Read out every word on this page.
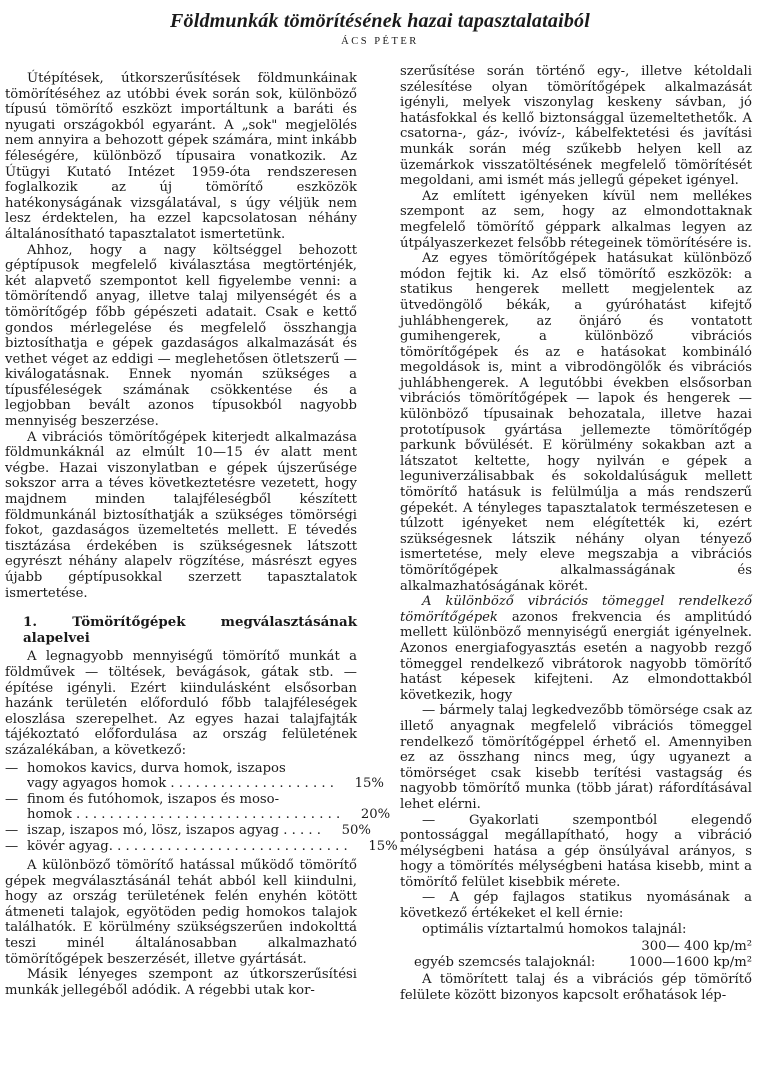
Földmunkák tömörítésének hazai tapasztalataiból
ÁCS PÉTER

Útépítések, útkorszerűsítések földmunkáinak tömörítéséhez az utóbbi évek során sok, különböző típusú tömörítő eszközt importáltunk a baráti és nyugati országokból egyaránt. A „sok" megjelölés nem annyira a behozott gépek számára, mint inkább féleségére, különböző típusaira vonatkozik. Az Útügyi Kutató Intézet 1959-óta rendszeresen foglalkozik az új tömörítő eszközök hatékonyságának vizsgálatával, s úgy véljük nem lesz érdektelen, ha ezzel kapcsolatosan néhány általánosítható tapasztalatot ismertetünk.

Ahhoz, hogy a nagy költséggel behozott géptípusok megfelelő kiválasztása megtörténjék, két alapvető szempontot kell figyelembe venni: a tömörítendő anyag, illetve talaj milyenségét és a tömörítőgép főbb gépészeti adatait. Csak e kettő gondos mérlegelése és megfelelő összhangja biztosíthatja e gépek gazdaságos alkalmazását és vethet véget az eddigi — meglehetősen ötletszerű — kiválogatásnak. Ennek nyomán szükséges a típusféleségek számának csökkentése és a legjobban bevált azonos típusokból nagyobb mennyiség beszerzése.

A vibrációs tömörítőgépek kiterjedt alkalmazása földmunkáknál az elmúlt 10—15 év alatt ment végbe. Hazai viszonylatban e gépek újszerűsége sokszor arra a téves következtetésre vezetett, hogy majdnem minden talajféleségből készített földmunkánál biztosíthatják a szükséges tömörségi fokot, gazdaságos üzemeltetés mellett. E tévedés tisztázása érdekében is szükségesnek látszott egyrészt néhány alapelv rögzítése, másrészt egyes újabb géptípusokkal szerzett tapasztalatok ismertetése.

1. Tömörítőgépek megválasztásának alapelvei

A legnagyobb mennyiségű tömörítő munkát a földművek — töltések, bevágások, gátak stb. — építése igényli. Ezért kiindulásként elsősorban hazánk területén előforduló főbb talajféleségek eloszlása szerepelhet. Az egyes hazai talajfajták tájékoztató előfordulása az ország felületének százalékában, a következő:

— homokos kavics, durva homok, iszapos
vagy agyagos homok . . . . . . . . . . . . . . . . . . . .	15%
— finom és futóhomok, iszapos és moso-
homok . . . . . . . . . . . . . . . . . . . . . . . . . . . . . . . .	20%
— iszap, iszapos mó, lösz, iszapos agyag . . . . .	50%
— kövér agyag. . . . . . . . . . . . . . . . . . . . . . . . . . . . .	15%

A különböző tömörítő hatással működő tömörítő gépek megválasztásánál tehát abból kell kiindulni, hogy az ország területének felén enyhén kötött átmeneti talajok, egyötöden pedig homokos talajok találhatók. E körülmény szükségszerűen indokolttá teszi minél általánosabban alkalmazható tömörítőgépek beszerzését, illetve gyártását.

Másik lényeges szempont az útkorszerűsítési munkák jellegéből adódik. A régebbi utak kor-

szerűsítése során történő egy-, illetve kétoldali szélesítése olyan tömörítőgépek alkalmazását igényli, melyek viszonylag keskeny sávban, jó hatásfokkal és kellő biztonsággal üzemeltethetők. A csatorna-, gáz-, ivóvíz-, kábelfektetési és javítási munkák során még szűkebb helyen kell az üzemárkok visszatöltésének megfelelő tömörítését megoldani, ami ismét más jellegű gépeket igényel.

Az említett igényeken kívül nem mellékes szempont az sem, hogy az elmondottaknak megfelelő tömörítő géppark alkalmas legyen az útpályaszerkezet felsőbb rétegeinek tömörítésére is.

Az egyes tömörítőgépek hatásukat különböző módon fejtik ki. Az első tömörítő eszközök: a statikus hengerek mellett megjelentek az ütvedöngölő békák, a gyúróhatást kifejtő juhlábhengerek, az önjáró és vontatott gumihengerek, a különböző vibrációs tömörítőgépek és az e hatásokat kombináló megoldások is, mint a vibrodöngölők és vibrációs juhlábhengerek. A legutóbbi években elsősorban vibrációs tömörítőgépek — lapok és hengerek — különböző típusainak behozatala, illetve hazai prototípusok gyártása jellemezte tömörítőgép parkunk bővülését. E körülmény sokakban azt a látszatot keltette, hogy nyilván e gépek a leguniverzálisabbak és sokoldalúságuk mellett tömörítő hatásuk is felülmúlja a más rendszerű gépekét. A tényleges tapasztalatok természetesen e túlzott igényeket nem elégítették ki, ezért szükségesnek látszik néhány olyan tényező ismertetése, mely eleve megszabja a vibrációs tömörítőgépek alkalmasságának és alkalmazhatóságának körét.

A különböző vibrációs tömeggel rendelkező tömörítőgépek azonos frekvencia és amplitúdó mellett különböző mennyiségű energiát igényelnek. Azonos energiafogyasztás esetén a nagyobb rezgő tömeggel rendelkező vibrátorok nagyobb tömörítő hatást képesek kifejteni. Az elmondottakból következik, hogy

— bármely talaj legkedvezőbb tömörsége csak az illető anyagnak megfelelő vibrációs tömeggel rendelkező tömörítőgéppel érhető el. Amennyiben ez az összhang nincs meg, úgy ugyanezt a tömörséget csak kisebb terítési vastagság és nagyobb tömörítő munka (több járat) ráfordításával lehet elérni.

— Gyakorlati szempontból elegendő pontossággal megállapítható, hogy a vibráció mélységbeni hatása a gép önsúlyával arányos, s hogy a tömörítés mélységbeni hatása kisebb, mint a tömörítő felület kisebbik mérete.

— A gép fajlagos statikus nyomásának a következő értékeket el kell érnie:

optimális víztartalmú homokos talajnál:

300— 400 kp/m²
egyéb szemcsés talajoknál:	1000—1600 kp/m²

A tömörített talaj és a vibrációs gép tömörítő felülete között bizonyos kapcsolt erőhatások lép-
